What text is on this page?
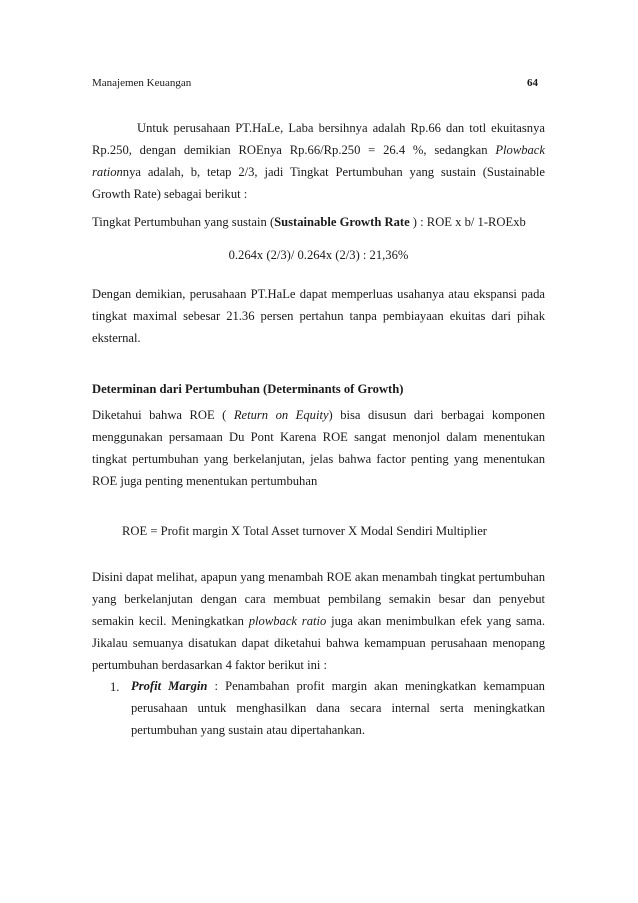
Manajemen Keuangan	64

Untuk perusahaan PT.HaLe, Laba bersihnya adalah Rp.66 dan totl ekuitasnya Rp.250, dengan demikian ROEnya Rp.66/Rp.250 = 26.4 %, sedangkan Plowback rationnya adalah, b, tetap 2/3, jadi Tingkat Pertumbuhan yang sustain (Sustainable Growth Rate) sebagai berikut :

Tingkat Pertumbuhan yang sustain (Sustainable Growth Rate ) : ROE x b/ 1-ROExb

0.264x (2/3)/ 0.264x (2/3) : 21,36%

Dengan demikian, perusahaan PT.HaLe dapat memperluas usahanya atau ekspansi pada tingkat maximal sebesar 21.36 persen pertahun tanpa pembiayaan ekuitas dari pihak eksternal.

Determinan dari Pertumbuhan (Determinants of Growth)

Diketahui bahwa ROE ( Return on Equity) bisa disusun dari berbagai komponen menggunakan persamaan Du Pont Karena ROE sangat menonjol dalam menentukan tingkat pertumbuhan yang berkelanjutan, jelas bahwa factor penting yang menentukan ROE juga penting menentukan pertumbuhan

ROE = Profit margin X Total Asset turnover X Modal Sendiri Multiplier

Disini dapat melihat, apapun yang menambah ROE akan menambah tingkat pertumbuhan yang berkelanjutan dengan cara membuat pembilang semakin besar dan penyebut semakin kecil. Meningkatkan plowback ratio juga akan menimbulkan efek yang sama. Jikalau semuanya disatukan dapat diketahui bahwa kemampuan perusahaan menopang pertumbuhan berdasarkan 4 faktor berikut ini :

1. Profit Margin : Penambahan profit margin akan meningkatkan kemampuan perusahaan untuk menghasilkan dana secara internal serta meningkatkan pertumbuhan yang sustain atau dipertahankan.
